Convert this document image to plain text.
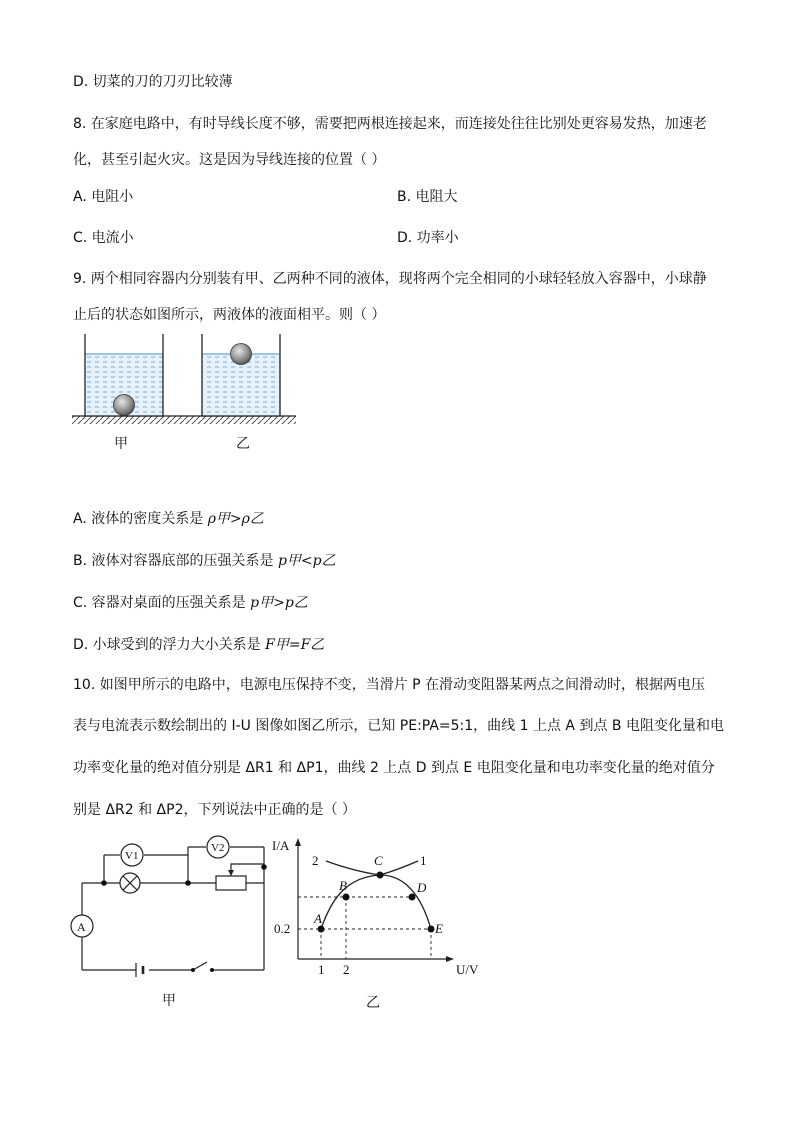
D. 切菜的刀的刀刃比较薄
8. 在家庭电路中，有时导线长度不够，需要把两根连接起来，而连接处往往比别处更容易发热，加速老
化，甚至引起火灾。这是因为导线连接的位置（ ）
A. 电阻小	B. 电阻大
C. 电流小	D. 功率小
9. 两个相同容器内分别装有甲、乙两种不同的液体，现将两个完全相同的小球轻轻放入容器中，小球静
止后的状态如图所示，两液体的液面相平。则（ ）
甲	乙
A. 液体的密度关系是 ρ甲>ρ乙
B. 液体对容器底部的压强关系是 p甲<p乙
C. 容器对桌面的压强关系是 p甲>p乙
D. 小球受到的浮力大小关系是 F甲=F乙
10. 如图甲所示的电路中，电源电压保持不变，当滑片 P 在滑动变阻器某两点之间滑动时，根据两电压
表与电流表示数绘制出的 I-U 图像如图乙所示，已知 PE:PA=5:1，曲线 1 上点 A 到点 B 电阻变化量和电
功率变化量的绝对值分别是 ΔR1 和 ΔP1，曲线 2 上点 D 到点 E 电阻变化量和电功率变化量的绝对值分
别是 ΔR2 和 ΔP2，下列说法中正确的是（ ）
V1
V2
A
甲
I/A
U/V
0.2
1 2
2	1
A
B
C
D
E
乙
